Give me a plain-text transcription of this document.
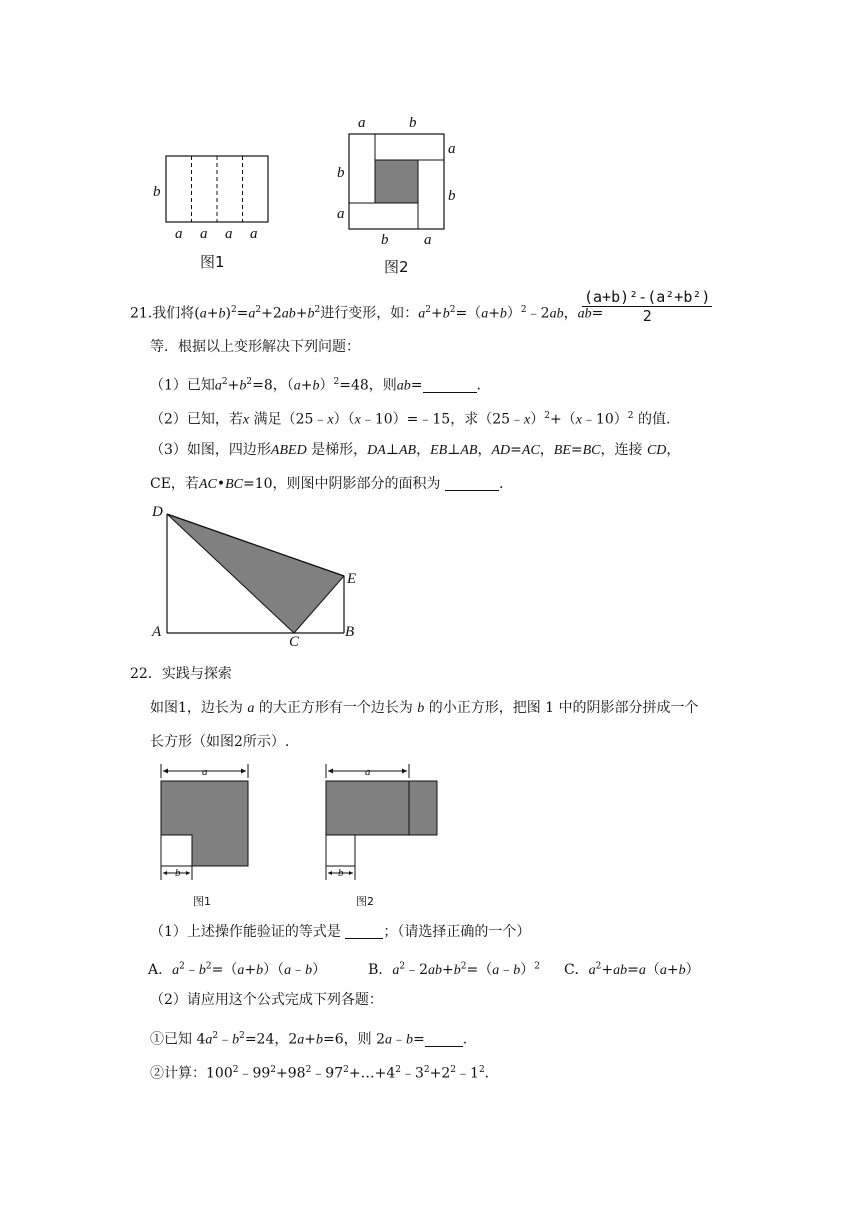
b
a a a a
图1
a	b
a
b
b
a
b a
图2
21.我们将$(a+b)^2=a^2+2ab+b^2$进行变形，如：$a^2+b^2=(a+b)^2﹣2ab$，ab=
$\frac{\text{(a+b)²-(a²+b²)}}{2}$
等．根据以上变形解决下列问题：
（1）已知$a^2+b^2=8$，$(a+b)^2=48$，则ab=	.
（2）已知，若x 满足（25﹣x）（x﹣10）=﹣15，求（25﹣x）$^2$+（x﹣10）$^2$ 的值.
（3）如图，四边形ABED 是梯形，DA⊥AB，EB⊥AB，AD=AC，BE=BC，连接 CD，
CE，若AC•BC=10，则图中阴影部分的面积为	.
D
E
A
C
B
22．实践与探索
如图1，边长为 a 的大正方形有一个边长为 b 的小正方形，把图 1 中的阴影部分拼成一个
长方形（如图2所示）.
a
b
图1
a
b
图2
（1）上述操作能验证的等式是	；（请选择正确的一个）
A．$a^2﹣b^2=(a+b)(a﹣b)$	B．$a^2﹣2ab+b^2=(a﹣b)^2$ C．$a^2+ab=a(a+b)$
（2）请应用这个公式完成下列各题：
①已知 $4a^2﹣b^2=24$，2a+b=6，则 2a﹣b=	.
②计算：$100^2﹣99^2+98^2﹣97^2+\dots+4^2﹣3^2+2^2﹣1^2$.
